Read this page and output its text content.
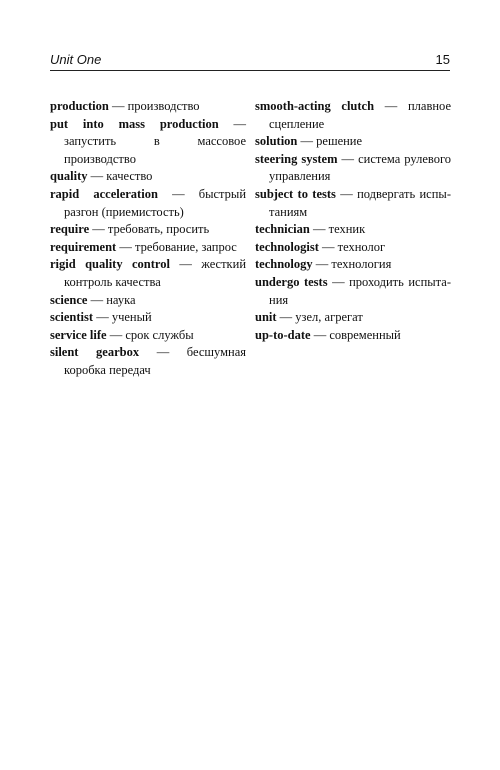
Unit One	15

production — производство

put into mass production — запустить в массовое производство

quality — качество

rapid acceleration — быстрый разгон (приемистость)

require — требовать, просить

requirement — требование, запрос

rigid quality control — жесткий контроль качества

science — наука

scientist — ученый

service life — срок службы

silent gearbox — бесшумная коробка передач

smooth-acting clutch — плавное сцепление

solution — решение

steering system — система рулевого управления

subject to tests — подвергать испытаниям

technician — техник

technologist — технолог

technology — технология

undergo tests — проходить испытания

unit — узел, агрегат

up-to-date — современный
